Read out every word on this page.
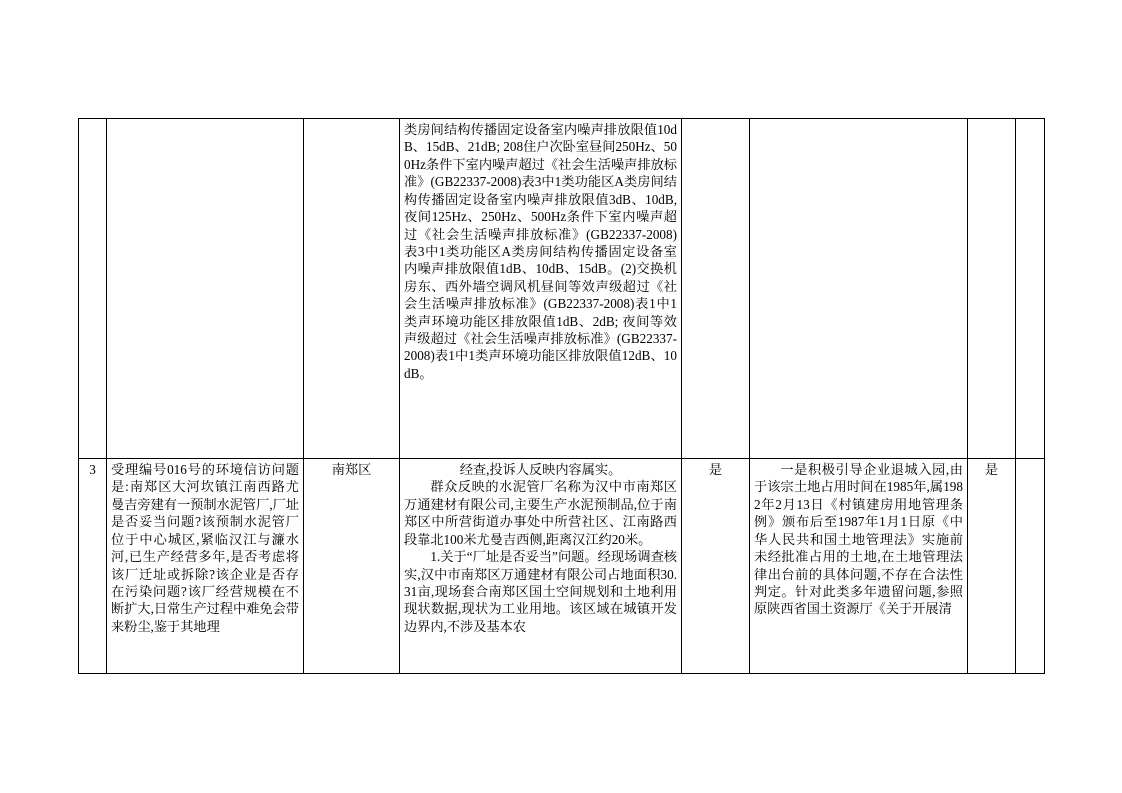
			类房间结构传播固定设备室内噪声排放限值10dB、15dB、21dB; 208住户次卧室昼间250Hz、500Hz条件下室内噪声超过《社会生活噪声排放标准》(GB22337-2008)表3中1类功能区A类房间结构传播固定设备室内噪声排放限值3dB、10dB,夜间125Hz、250Hz、500Hz条件下室内噪声超过《社会生活噪声排放标准》(GB22337-2008)表3中1类功能区A类房间结构传播固定设备室内噪声排放限值1dB、10dB、15dB。(2)交换机房东、西外墙空调风机昼间等效声级超过《社会生活噪声排放标准》(GB22337-2008)表1中1类声环境功能区排放限值1dB、2dB; 夜间等效声级超过《社会生活噪声排放标准》(GB22337-2008)表1中1类声环境功能区排放限值12dB、10dB。				

3	受理编号016号的环境信访问题是:南郑区大河坎镇江南西路尤曼吉旁建有一预制水泥管厂,厂址是否妥当问题?该预制水泥管厂位于中心城区,紧临汉江与濂水河,已生产经营多年,是否考虑将该厂迁址或拆除?该企业是否存在污染问题?该厂经营规模在不断扩大,日常生产过程中难免会带来粉尘,鉴于其地理	南郑区	经查,投诉人反映内容属实。
群众反映的水泥管厂名称为汉中市南郑区万通建材有限公司,主要生产水泥预制品,位于南郑区中所营街道办事处中所营社区、江南路西段靠北100米尤曼吉西侧,距离汉江约20米。
1.关于“厂址是否妥当”问题。经现场调查核实,汉中市南郑区万通建材有限公司占地面积30.31亩,现场套合南郑区国土空间规划和土地利用现状数据,现状为工业用地。该区域在城镇开发边界内,不涉及基本农	是	一是积极引导企业退城入园,由于该宗土地占用时间在1985年,属1982年2月13日《村镇建房用地管理条例》颁布后至1987年1月1日原《中华人民共和国土地管理法》实施前未经批准占用的土地,在土地管理法律出台前的具体问题,不存在合法性判定。针对此类多年遗留问题,参照原陕西省国土资源厅《关于开展清	是	
